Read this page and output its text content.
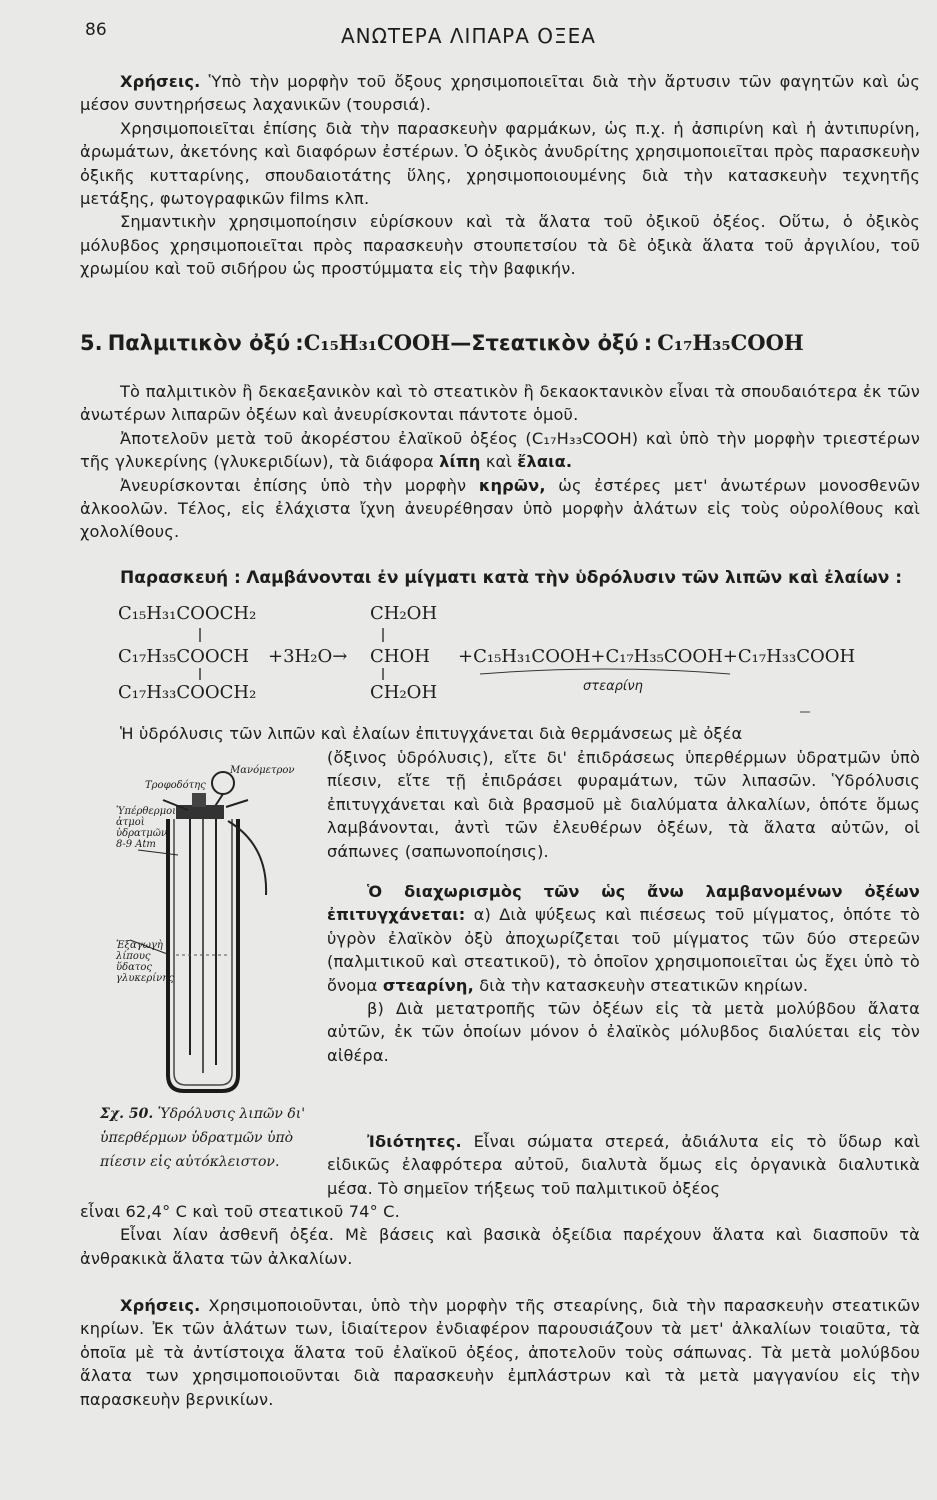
86	ΑΝΩΤΕΡΑ ΛΙΠΑΡΑ ΟΞΕΑ

Χρήσεις. Ὑπὸ τὴν μορφὴν τοῦ ὄξους χρησιμοποιεῖται διὰ τὴν ἄρτυσιν τῶν φαγητῶν καὶ ὡς μέσον συντηρήσεως λαχανικῶν (τουρσιά).

Χρησιμοποιεῖται ἐπίσης διὰ τὴν παρασκευὴν φαρμάκων, ὡς π.χ. ἡ ἀσπιρίνη καὶ ἡ ἀντιπυρίνη, ἀρωμάτων, ἀκετόνης καὶ διαφόρων ἐστέρων. Ὁ ὀξικὸς ἀνυδρίτης χρησιμοποιεῖται πρὸς παρασκευὴν ὀξικῆς κυτταρίνης, σπουδαιοτάτης ὕλης, χρησιμοποιουμένης διὰ τὴν κατασκευὴν τεχνητῆς μετάξης, φωτογραφικῶν films κλπ.

Σημαντικὴν χρησιμοποίησιν εὑρίσκουν καὶ τὰ ἅλατα τοῦ ὀξικοῦ ὀξέος. Οὕτω, ὁ ὀξικὸς μόλυβδος χρησιμοποιεῖται πρὸς παρασκευὴν στουπετσίου τὰ δὲ ὀξικὰ ἅλατα τοῦ ἀργιλίου, τοῦ χρωμίου καὶ τοῦ σιδήρου ὡς προστύμματα εἰς τὴν βαφικήν.

5. Παλμιτικὸν ὀξύ :C₁₅H₃₁COOH—Στεατικὸν ὀξύ : C₁₇H₃₅COOH

Τὸ παλμιτικὸν ἢ δεκαεξανικὸν καὶ τὸ στεατικὸν ἢ δεκαοκτανικὸν εἶναι τὰ σπουδαιότερα ἐκ τῶν ἀνωτέρων λιπαρῶν ὀξέων καὶ ἀνευρίσκονται πάντοτε ὁμοῦ.

Ἀποτελοῦν μετὰ τοῦ ἀκορέστου ἐλαϊκοῦ ὀξέος (C₁₇H₃₃COOH) καὶ ὑπὸ τὴν μορφὴν τριεστέρων τῆς γλυκερίνης (γλυκεριδίων), τὰ διάφορα λίπη καὶ ἔλαια.

Ἀνευρίσκονται ἐπίσης ὑπὸ τὴν μορφὴν κηρῶν, ὡς ἐστέρες μετ' ἀνωτέρων μονοσθενῶν ἀλκοολῶν. Τέλος, εἰς ἐλάχιστα ἴχνη ἀνευρέθησαν ὑπὸ μορφὴν ἁλάτων εἰς τοὺς οὐρολίθους καὶ χολολίθους.

Παρασκευή : Λαμβάνονται ἐν μίγματι κατὰ τὴν ὑδρόλυσιν τῶν λιπῶν καὶ ἐλαίων :
C₁₅H₃₁COOCH₂
C₁₇H₃₅COOCH
C₁₇H₃₃COOCH₂
+3H₂O→
CH₂OH
CHOH
CH₂OH
+C₁₅H₃₁COOH+C₁₇H₃₅COOH+C₁₇H₃₃COOH
στεαρίνη
Ἡ ὑδρόλυσις τῶν λιπῶν καὶ ἐλαίων ἐπιτυγχάνεται διὰ θερμάνσεως μὲ ὀξέα
(ὄξινος ὑδρόλυσις), εἴτε δι' ἐπιδράσεως ὑπερθέρμων ὑδρατμῶν ὑπὸ πίεσιν, εἴτε τῇ ἐπιδράσει φυραμάτων, τῶν λιπασῶν. Ὑδρόλυσις ἐπιτυγχάνεται καὶ διὰ βρασμοῦ μὲ διαλύματα ἀλκαλίων, ὁπότε ὅμως λαμβάνονται, ἀντὶ τῶν ἐλευθέρων ὀξέων, τὰ ἅλατα αὐτῶν, οἱ σάπωνες (σαπωνοποίησις).

Ὁ διαχωρισμὸς τῶν ὡς ἄνω λαμβανομένων ὀξέων ἐπιτυγχάνεται: α) Διὰ ψύξεως καὶ πιέσεως τοῦ μίγματος, ὁπότε τὸ ὑγρὸν ἐλαϊκὸν ὀξὺ ἀποχωρίζεται τοῦ μίγματος τῶν δύο στερεῶν (παλμιτικοῦ καὶ στεατικοῦ), τὸ ὁποῖον χρησιμοποιεῖται ὡς ἔχει ὑπὸ τὸ ὄνομα στεαρίνη, διὰ τὴν κατασκευὴν στεατικῶν κηρίων.

β) Διὰ μετατροπῆς τῶν ὀξέων εἰς τὰ μετὰ μολύβδου ἅλατα αὐτῶν, ἐκ τῶν ὁποίων μόνον ὁ ἐλαϊκὸς μόλυβδος διαλύεται εἰς τὸν αἰθέρα.

Μανόμετρον
Τροφοδότης
Ὑπέρθερμοι ἀτμοὶ ὑδρατμῶν 8-9 Atm
Ἐξαγωγὴ λίπους ὕδατος γλυκερίνης
Σχ. 50. Ὑδρόλυσις λιπῶν δι' ὑπερθέρμων ὑδρατμῶν ὑπὸ πίεσιν εἰς αὐτόκλειστον.
Ἰδιότητες. Εἶναι σώματα στερεά, ἀδιάλυτα εἰς τὸ ὕδωρ καὶ εἰδικῶς ἐλαφρότερα αὐτοῦ, διαλυτὰ ὅμως εἰς ὀργανικὰ διαλυτικὰ μέσα. Τὸ σημεῖον τήξεως τοῦ παλμιτικοῦ ὀξέος

εἶναι 62,4° C καὶ τοῦ στεατικοῦ 74° C.

Εἶναι λίαν ἀσθενῆ ὀξέα. Μὲ βάσεις καὶ βασικὰ ὀξείδια παρέχουν ἅλατα καὶ διασποῦν τὰ ἀνθρακικὰ ἅλατα τῶν ἀλκαλίων.

Χρήσεις. Χρησιμοποιοῦνται, ὑπὸ τὴν μορφὴν τῆς στεαρίνης, διὰ τὴν παρασκευὴν στεατικῶν κηρίων. Ἐκ τῶν ἁλάτων των, ἰδιαίτερον ἐνδιαφέρον παρουσιάζουν τὰ μετ' ἀλκαλίων τοιαῦτα, τὰ ὁποῖα μὲ τὰ ἀντίστοιχα ἅλατα τοῦ ἐλαϊκοῦ ὀξέος, ἀποτελοῦν τοὺς σάπωνας. Τὰ μετὰ μολύβδου ἅλατα των χρησιμοποιοῦνται διὰ παρασκευὴν ἐμπλάστρων καὶ τὰ μετὰ μαγγανίου εἰς τὴν παρασκευὴν βερνικίων.
